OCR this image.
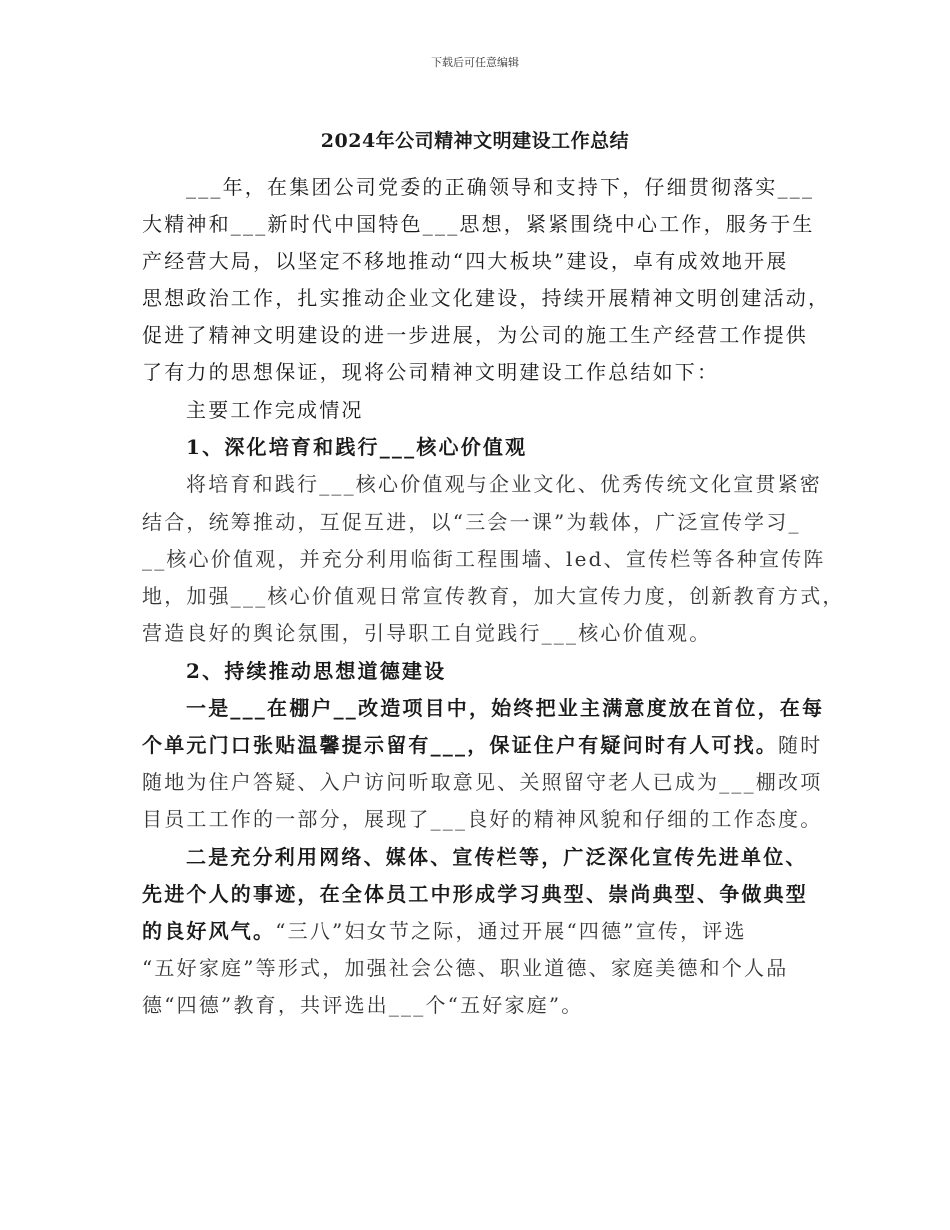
下载后可任意编辑
2024年公司精神文明建设工作总结
___年，在集团公司党委的正确领导和支持下，仔细贯彻落实___
大精神和___新时代中国特色___思想，紧紧围绕中心工作，服务于生
产经营大局，以坚定不移地推动“四大板块”建设，卓有成效地开展
思想政治工作，扎实推动企业文化建设，持续开展精神文明创建活动，
促进了精神文明建设的进一步进展，为公司的施工生产经营工作提供
了有力的思想保证，现将公司精神文明建设工作总结如下：
主要工作完成情况
1、深化培育和践行___核心价值观
将培育和践行___核心价值观与企业文化、优秀传统文化宣贯紧密
结合，统筹推动，互促互进，以“三会一课”为载体，广泛宣传学习_
__核心价值观，并充分利用临街工程围墙、led、宣传栏等各种宣传阵
地，加强___核心价值观日常宣传教育，加大宣传力度，创新教育方式，
营造良好的舆论氛围，引导职工自觉践行___核心价值观。
2、持续推动思想道德建设
一是___在棚户__改造项目中，始终把业主满意度放在首位，在每
个单元门口张贴温馨提示留有___，保证住户有疑问时有人可找。随时
随地为住户答疑、入户访问听取意见、关照留守老人已成为___棚改项
目员工工作的一部分，展现了___良好的精神风貌和仔细的工作态度。
二是充分利用网络、媒体、宣传栏等，广泛深化宣传先进单位、
先进个人的事迹，在全体员工中形成学习典型、崇尚典型、争做典型
的良好风气。“三八”妇女节之际，通过开展“四德”宣传，评选
“五好家庭”等形式，加强社会公德、职业道德、家庭美德和个人品
德“四德”教育，共评选出___个“五好家庭”。
